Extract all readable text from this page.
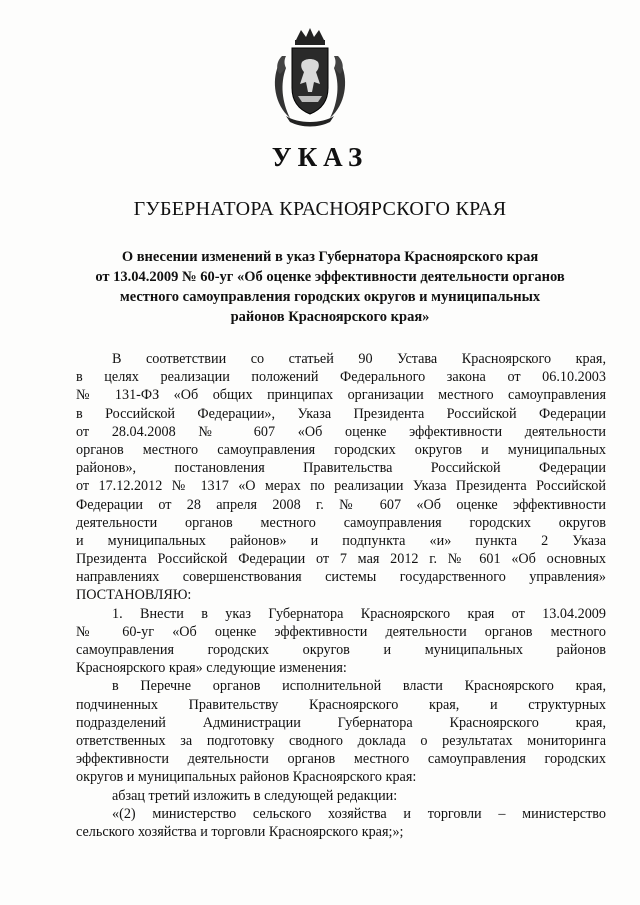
УКАЗ
ГУБЕРНАТОРА КРАСНОЯРСКОГО КРАЯ
О внесении изменений в указ Губернатора Красноярского края
от 13.04.2009 № 60-уг «Об оценке эффективности деятельности органов
местного самоуправления городских округов и муниципальных
районов Красноярского края»
В соответствии со статьей 90 Устава Красноярского края,
в целях реализации положений Федерального закона от 06.10.2003
№ 131-ФЗ «Об общих принципах организации местного самоуправления
в Российской Федерации», Указа Президента Российской Федерации
от 28.04.2008 № 607 «Об оценке эффективности деятельности
органов местного самоуправления городских округов и муниципальных
районов», постановления Правительства Российской Федерации
от 17.12.2012 № 1317 «О мерах по реализации Указа Президента Российской
Федерации от 28 апреля 2008 г. № 607 «Об оценке эффективности
деятельности органов местного самоуправления городских округов
и муниципальных районов» и подпункта «и» пункта 2 Указа
Президента Российской Федерации от 7 мая 2012 г. № 601 «Об основных
направлениях совершенствования системы государственного управления»
ПОСТАНОВЛЯЮ:
1. Внести в указ Губернатора Красноярского края от 13.04.2009
№ 60-уг «Об оценке эффективности деятельности органов местного
самоуправления городских округов и муниципальных районов
Красноярского края» следующие изменения:
в Перечне органов исполнительной власти Красноярского края,
подчиненных Правительству Красноярского края, и структурных
подразделений Администрации Губернатора Красноярского края,
ответственных за подготовку сводного доклада о результатах мониторинга
эффективности деятельности органов местного самоуправления городских
округов и муниципальных районов Красноярского края:
абзац третий изложить в следующей редакции:
«(2) министерство сельского хозяйства и торговли – министерство
сельского хозяйства и торговли Красноярского края;»;
